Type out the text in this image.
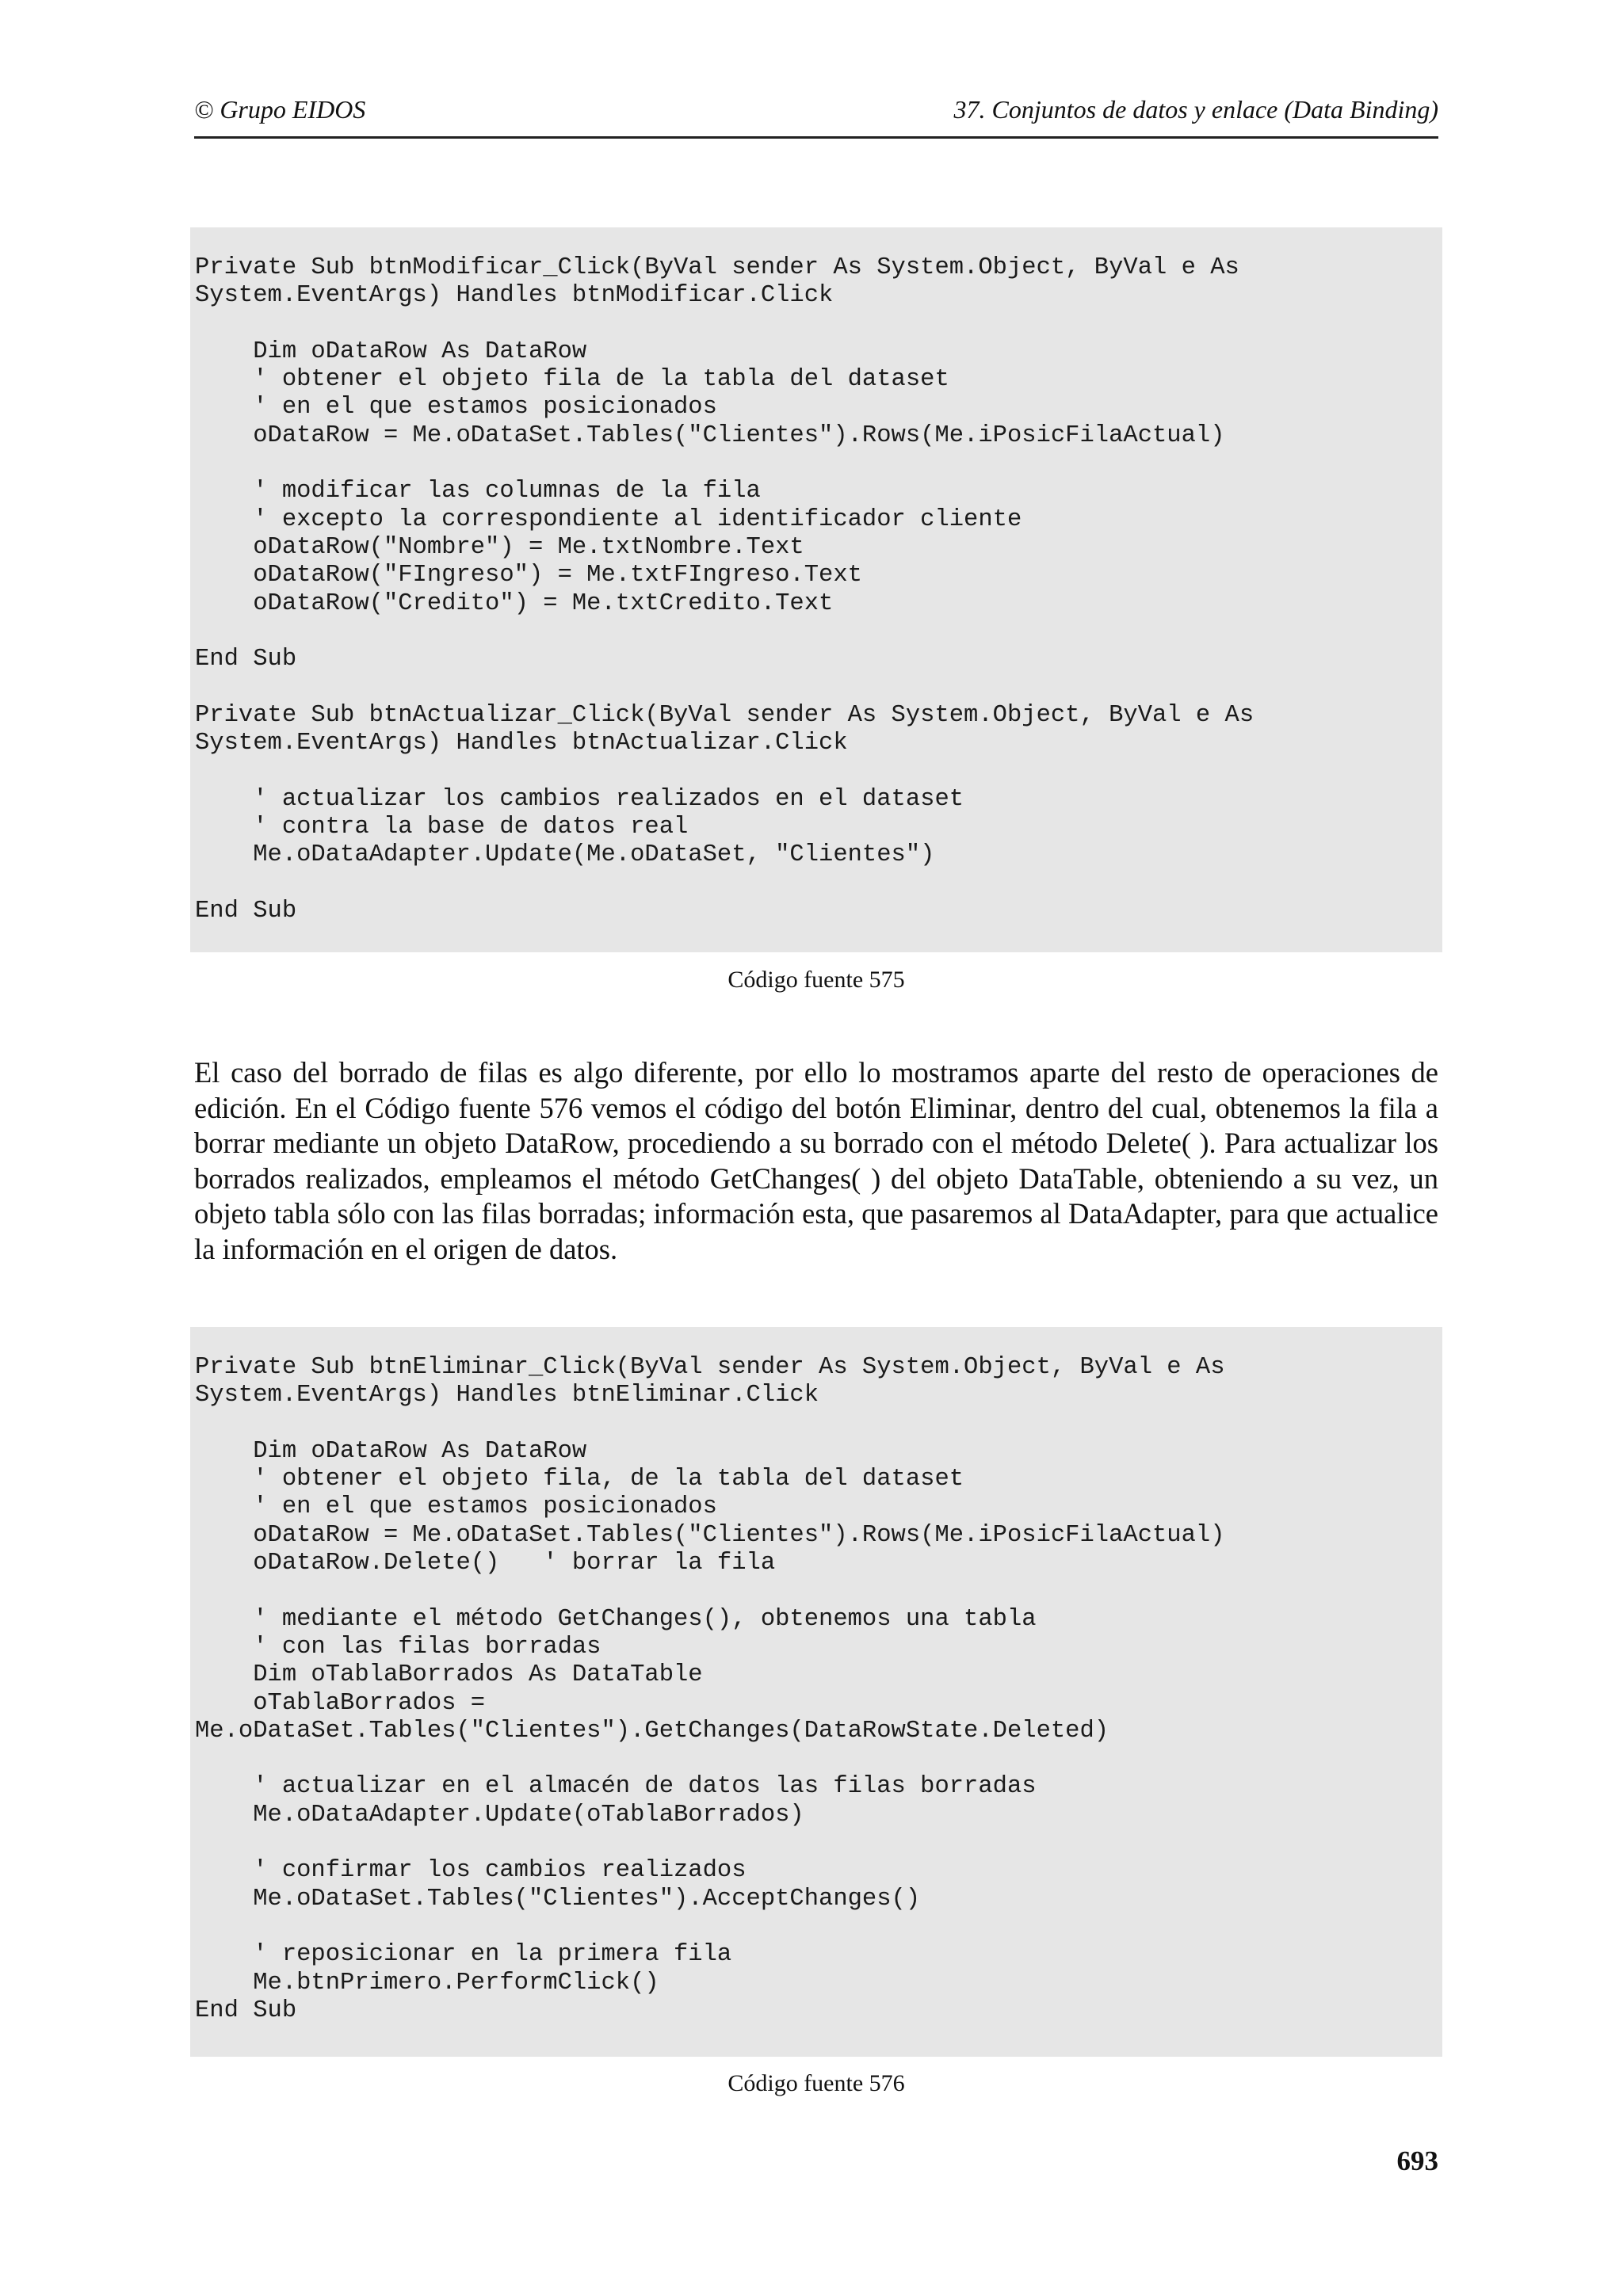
© Grupo EIDOS	37. Conjuntos de datos y enlace (Data Binding)
Private Sub btnModificar_Click(ByVal sender As System.Object, ByVal e As
System.EventArgs) Handles btnModificar.Click

Dim oDataRow As DataRow
' obtener el objeto fila de la tabla del dataset
' en el que estamos posicionados
oDataRow = Me.oDataSet.Tables("Clientes").Rows(Me.iPosicFilaActual)

' modificar las columnas de la fila
' excepto la correspondiente al identificador cliente
oDataRow("Nombre") = Me.txtNombre.Text
oDataRow("FIngreso") = Me.txtFIngreso.Text
oDataRow("Credito") = Me.txtCredito.Text

End Sub

Private Sub btnActualizar_Click(ByVal sender As System.Object, ByVal e As
System.EventArgs) Handles btnActualizar.Click

' actualizar los cambios realizados en el dataset
' contra la base de datos real
Me.oDataAdapter.Update(Me.oDataSet, "Clientes")

End Sub
Código fuente 575

El caso del borrado de filas es algo diferente, por ello lo mostramos aparte del resto de operaciones de edición. En el Código fuente 576 vemos el código del botón Eliminar, dentro del cual, obtenemos la fila a borrar mediante un objeto DataRow, procediendo a su borrado con el método Delete( ). Para actualizar los borrados realizados, empleamos el método GetChanges( ) del objeto DataTable, obteniendo a su vez, un objeto tabla sólo con las filas borradas; información esta, que pasaremos al DataAdapter, para que actualice la información en el origen de datos.

Private Sub btnEliminar_Click(ByVal sender As System.Object, ByVal e As
System.EventArgs) Handles btnEliminar.Click

Dim oDataRow As DataRow
' obtener el objeto fila, de la tabla del dataset
' en el que estamos posicionados
oDataRow = Me.oDataSet.Tables("Clientes").Rows(Me.iPosicFilaActual)
oDataRow.Delete()   ' borrar la fila

' mediante el método GetChanges(), obtenemos una tabla
' con las filas borradas
Dim oTablaBorrados As DataTable
oTablaBorrados =
Me.oDataSet.Tables("Clientes").GetChanges(DataRowState.Deleted)

' actualizar en el almacén de datos las filas borradas
Me.oDataAdapter.Update(oTablaBorrados)

' confirmar los cambios realizados
Me.oDataSet.Tables("Clientes").AcceptChanges()

' reposicionar en la primera fila
Me.btnPrimero.PerformClick()
End Sub
Código fuente 576
693
